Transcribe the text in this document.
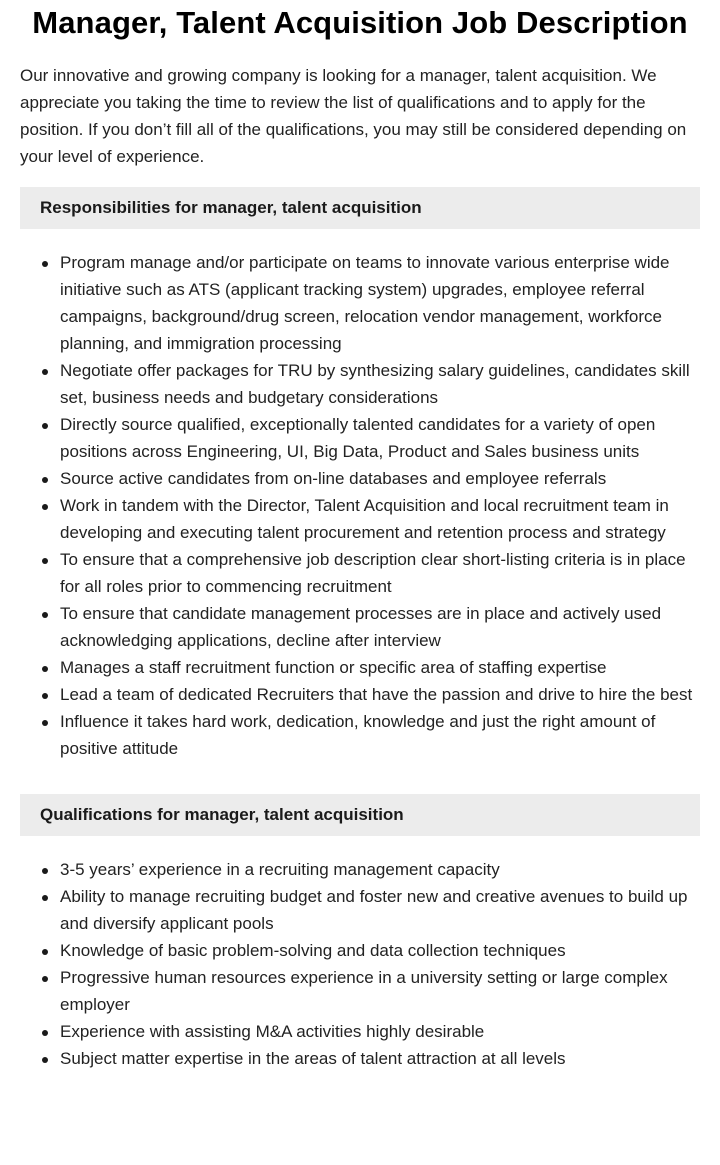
Manager, Talent Acquisition Job Description

Our innovative and growing company is looking for a manager, talent acquisition. We appreciate you taking the time to review the list of qualifications and to apply for the position. If you don’t fill all of the qualifications, you may still be considered depending on your level of experience.

Responsibilities for manager, talent acquisition
Program manage and/or participate on teams to innovate various enterprise wide initiative such as ATS (applicant tracking system) upgrades, employee referral campaigns, background/drug screen, relocation vendor management, workforce planning, and immigration processing
Negotiate offer packages for TRU by synthesizing salary guidelines, candidates skill set, business needs and budgetary considerations
Directly source qualified, exceptionally talented candidates for a variety of open positions across Engineering, UI, Big Data, Product and Sales business units
Source active candidates from on-line databases and employee referrals
Work in tandem with the Director, Talent Acquisition and local recruitment team in developing and executing talent procurement and retention process and strategy
To ensure that a comprehensive job description clear short-listing criteria is in place for all roles prior to commencing recruitment
To ensure that candidate management processes are in place and actively used acknowledging applications, decline after interview
Manages a staff recruitment function or specific area of staffing expertise
Lead a team of dedicated Recruiters that have the passion and drive to hire the best
Influence it takes hard work, dedication, knowledge and just the right amount of positive attitude
Qualifications for manager, talent acquisition
3-5 years’ experience in a recruiting management capacity
Ability to manage recruiting budget and foster new and creative avenues to build up and diversify applicant pools
Knowledge of basic problem-solving and data collection techniques
Progressive human resources experience in a university setting or large complex employer
Experience with assisting M&A activities highly desirable
Subject matter expertise in the areas of talent attraction at all levels
